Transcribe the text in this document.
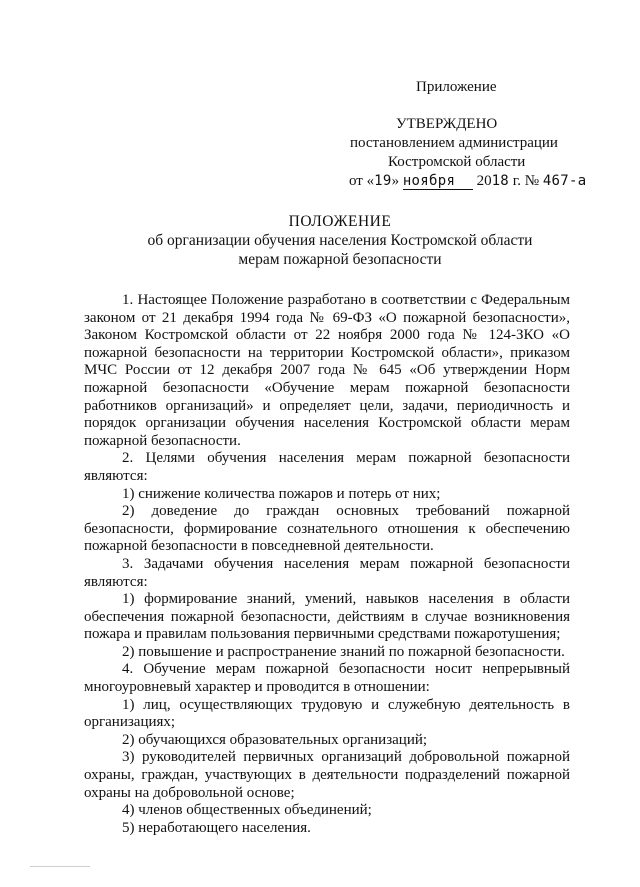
Приложение
УТВЕРЖДЕНО
постановлением администрации
Костромской области
от «19» ноября 2018 г. № 467-а
ПОЛОЖЕНИЕ
об организации обучения населения Костромской области
мерам пожарной безопасности

1. Настоящее Положение разработано в соответствии с Федеральным законом от 21 декабря 1994 года № 69-ФЗ «О пожарной безопасности», Законом Костромской области от 22 ноября 2000 года № 124-ЗКО «О пожарной безопасности на территории Костромской области», приказом МЧС России от 12 декабря 2007 года № 645 «Об утверждении Норм пожарной безопасности «Обучение мерам пожарной безопасности работников организаций» и определяет цели, задачи, периодичность и порядок организации обучения населения Костромской области мерам пожарной безопасности.

2. Целями обучения населения мерам пожарной безопасности являются:

1) снижение количества пожаров и потерь от них;

2) доведение до граждан основных требований пожарной безопасности, формирование сознательного отношения к обеспечению пожарной безопасности в повседневной деятельности.

3. Задачами обучения населения мерам пожарной безопасности являются:

1) формирование знаний, умений, навыков населения в области обеспечения пожарной безопасности, действиям в случае возникновения пожара и правилам пользования первичными средствами пожаротушения;

2) повышение и распространение знаний по пожарной безопасности.

4. Обучение мерам пожарной безопасности носит непрерывный многоуровневый характер и проводится в отношении:

1) лиц, осуществляющих трудовую и служебную деятельность в организациях;

2) обучающихся образовательных организаций;

3) руководителей первичных организаций добровольной пожарной охраны, граждан, участвующих в деятельности подразделений пожарной охраны на добровольной основе;

4) членов общественных объединений;

5) неработающего населения.
